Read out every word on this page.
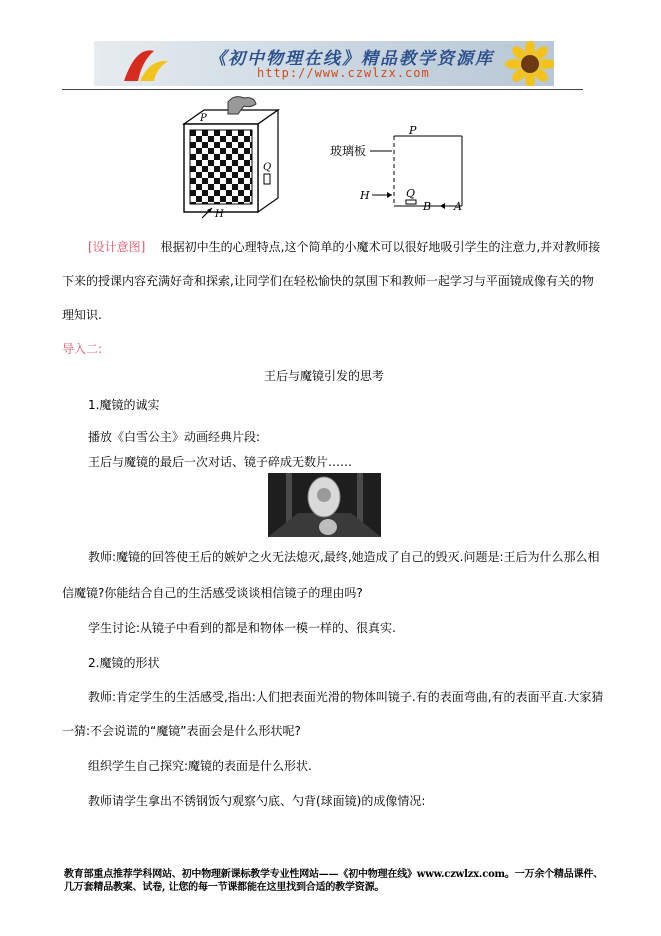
《初中物理在线》精品教学资源库
http://www.czwlzx.com
P
Q
H
玻璃板
P
H	Q
B A
[设计意图] 根据初中生的心理特点,这个简单的小魔术可以很好地吸引学生的注意力,并对教师接
下来的授课内容充满好奇和探索,让同学们在轻松愉快的氛围下和教师一起学习与平面镜成像有关的物
理知识.
导入二:
王后与魔镜引发的思考
1.魔镜的诚实
播放《白雪公主》动画经典片段:
王后与魔镜的最后一次对话、镜子碎成无数片……
教师:魔镜的回答使王后的嫉妒之火无法熄灭,最终,她造成了自己的毁灭.问题是:王后为什么那么相
信魔镜?你能结合自己的生活感受谈谈相信镜子的理由吗?
学生讨论:从镜子中看到的都是和物体一模一样的、很真实.
2.魔镜的形状
教师:肯定学生的生活感受,指出:人们把表面光滑的物体叫镜子.有的表面弯曲,有的表面平直.大家猜
一猜:不会说谎的“魔镜”表面会是什么形状呢?
组织学生自己探究:魔镜的表面是什么形状.
教师请学生拿出不锈钢饭勺观察勺底、勺背(球面镜)的成像情况:
教育部重点推荐学科网站、初中物理新课标教学专业性网站——《初中物理在线》www.czwlzx.com。一万余个精品课件、
几万套精品教案、试卷, 让您的每一节课都能在这里找到合适的教学资源。
